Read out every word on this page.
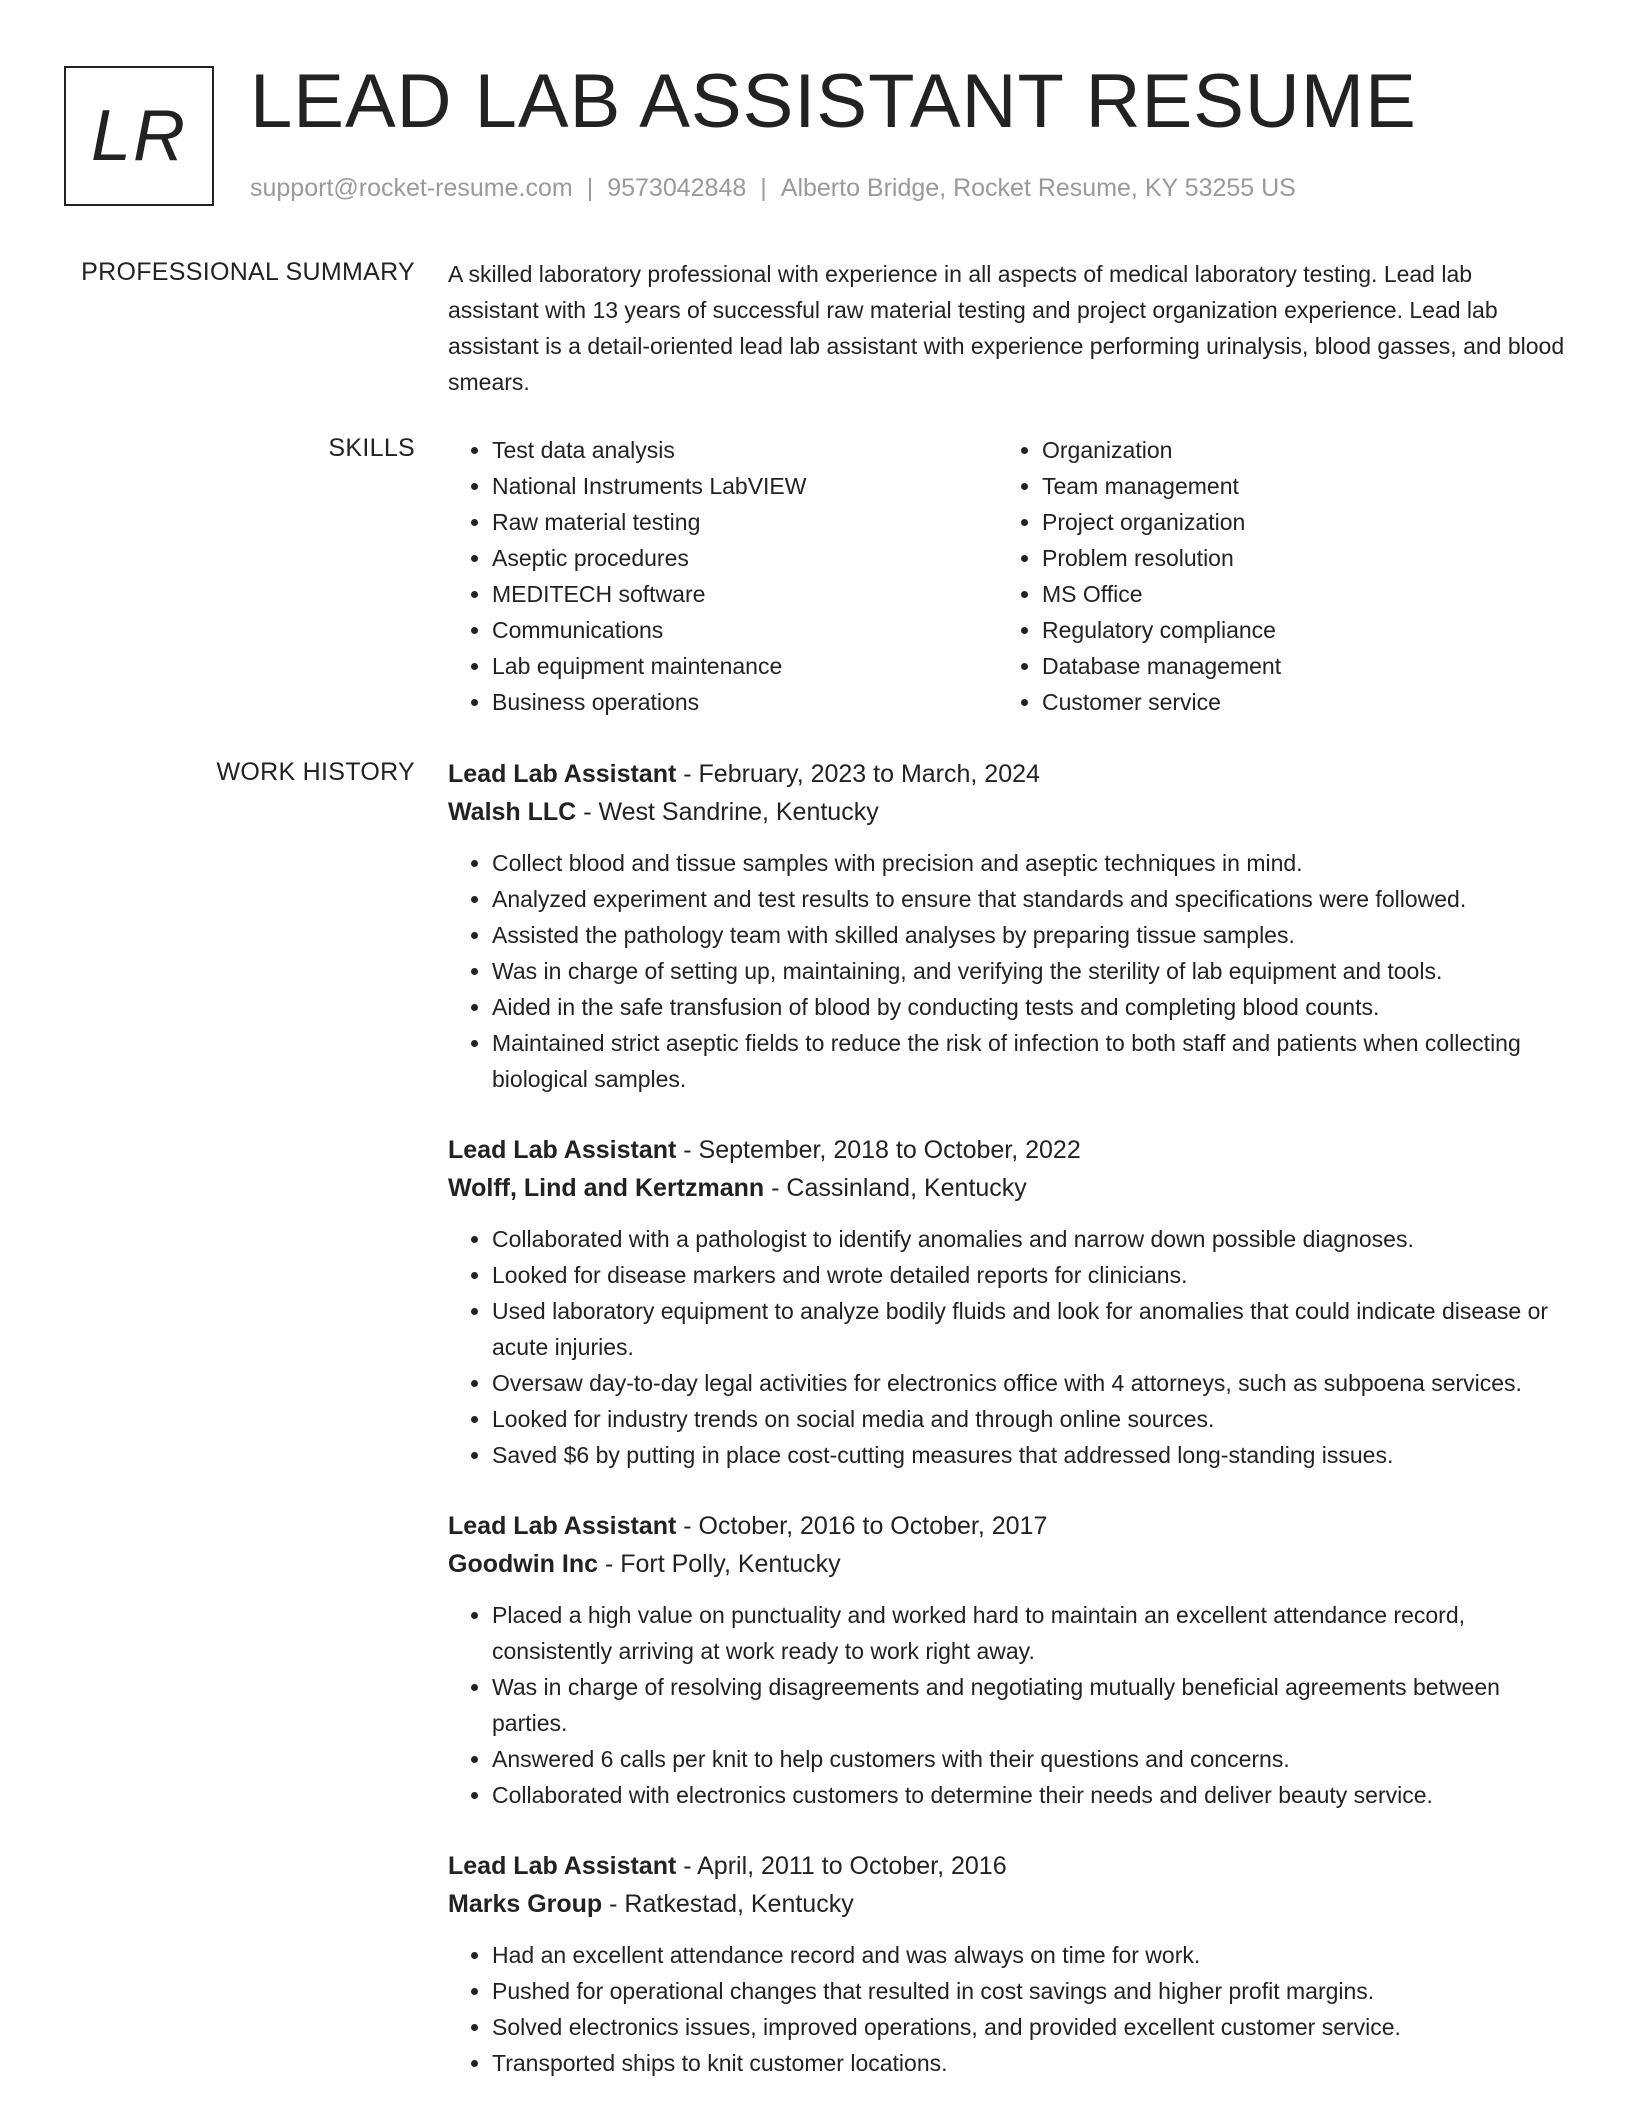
LR LEAD LAB ASSISTANT RESUME
support@rocket-resume.com | 9573042848 | Alberto Bridge, Rocket Resume, KY 53255 US
PROFESSIONAL SUMMARY A skilled laboratory professional with experience in all aspects of medical laboratory testing. Lead lab assistant with 13 years of successful raw material testing and project organization experience. Lead lab assistant is a detail-oriented lead lab assistant with experience performing urinalysis, blood gasses, and blood smears.

SKILLS
•	Test data analysis
• National Instruments LabVIEW
• Raw material testing
• Aseptic procedures
• MEDITECH software
• Communications
• Lab equipment maintenance
• Business operations
• Organization
• Team management
• Project organization
• Problem resolution
• MS Office
• Regulatory compliance
• Database management
• Customer service
WORK HISTORY Lead Lab Assistant - February, 2023 to March, 2024
Walsh LLC - West Sandrine, Kentucky
• Collect blood and tissue samples with precision and aseptic techniques in mind.
• Analyzed experiment and test results to ensure that standards and specifications were followed.
• Assisted the pathology team with skilled analyses by preparing tissue samples.
• Was in charge of setting up, maintaining, and verifying the sterility of lab equipment and tools.
• Aided in the safe transfusion of blood by conducting tests and completing blood counts.
• Maintained strict aseptic fields to reduce the risk of infection to both staff and patients when collecting biological samples.
Lead Lab Assistant - September, 2018 to October, 2022
Wolff, Lind and Kertzmann - Cassinland, Kentucky
• Collaborated with a pathologist to identify anomalies and narrow down possible diagnoses.
• Looked for disease markers and wrote detailed reports for clinicians.
• Used laboratory equipment to analyze bodily fluids and look for anomalies that could indicate disease or acute injuries.
• Oversaw day-to-day legal activities for electronics office with 4 attorneys, such as subpoena services.
• Looked for industry trends on social media and through online sources.
• Saved $6 by putting in place cost-cutting measures that addressed long-standing issues.
Lead Lab Assistant - October, 2016 to October, 2017
Goodwin Inc - Fort Polly, Kentucky
• Placed a high value on punctuality and worked hard to maintain an excellent attendance record, consistently arriving at work ready to work right away.
• Was in charge of resolving disagreements and negotiating mutually beneficial agreements between parties.
• Answered 6 calls per knit to help customers with their questions and concerns.
• Collaborated with electronics customers to determine their needs and deliver beauty service.
Lead Lab Assistant - April, 2011 to October, 2016
Marks Group - Ratkestad, Kentucky
• Had an excellent attendance record and was always on time for work.
• Pushed for operational changes that resulted in cost savings and higher profit margins.
• Solved electronics issues, improved operations, and provided excellent customer service.
• Transported ships to knit customer locations.
